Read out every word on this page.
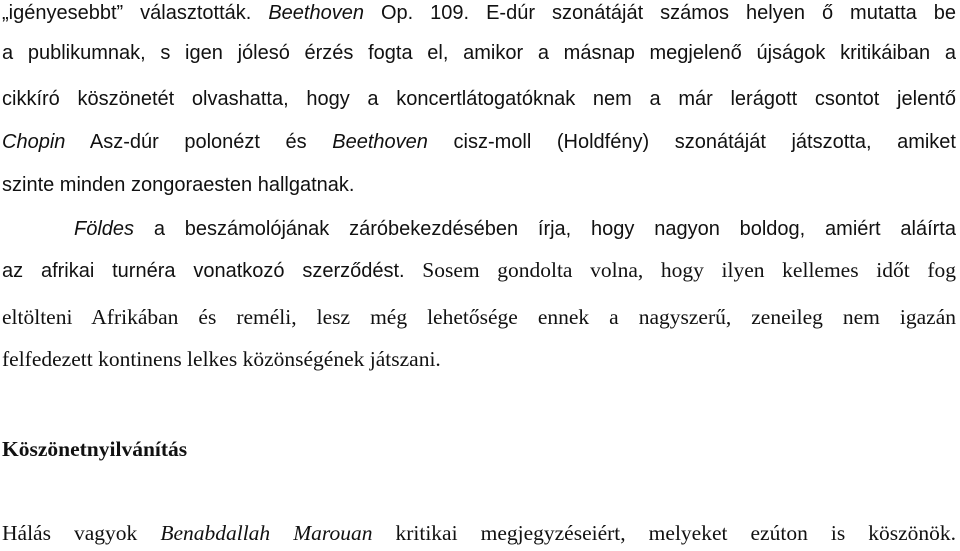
„igényesebbt” választották. Beethoven Op. 109. E-dúr szonátáját számos helyen ő mutatta be
a publikumnak, s igen jólesó érzés fogta el, amikor a másnap megjelenő újságok kritikáiban a
cikkíró köszönetét olvashatta, hogy a koncertlátogatóknak nem a már lerágott csontot jelentő
Chopin Asz-dúr polonézt és Beethoven cisz-moll (Holdfény) szonátáját játszotta, amiket
szinte minden zongoraesten hallgatnak.
Földes a beszámolójának záróbekezdésében írja, hogy nagyon boldog, amiért aláírta
az afrikai turnéra vonatkozó szerződést. Sosem gondolta volna, hogy ilyen kellemes időt fog
eltölteni Afrikában és reméli, lesz még lehetősége ennek a nagyszerű, zeneileg nem igazán
felfedezett kontinens lelkes közönségének játszani.
Köszönetnyilvánítás
Hálás vagyok Benabdallah Marouan kritikai megjegyzéseiért, melyeket ezúton is köszönök.
